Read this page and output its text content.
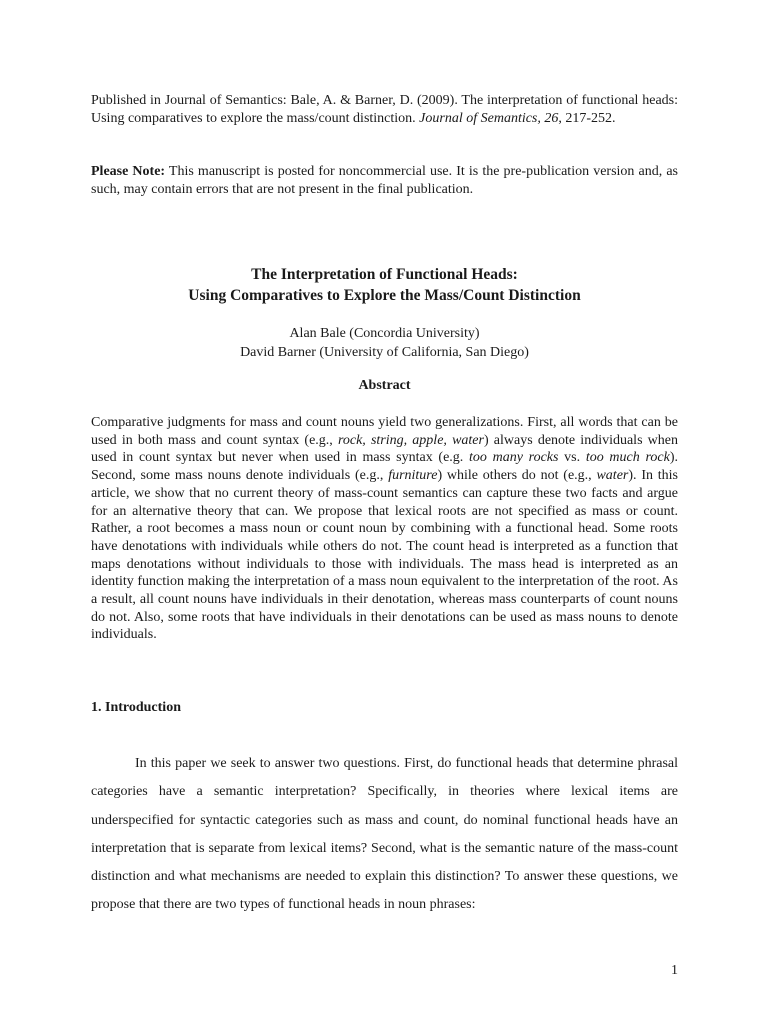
Published in Journal of Semantics: Bale, A. & Barner, D. (2009). The interpretation of functional heads: Using comparatives to explore the mass/count distinction. Journal of Semantics, 26, 217-252.

Please Note: This manuscript is posted for noncommercial use. It is the pre-publication version and, as such, may contain errors that are not present in the final publication.

The Interpretation of Functional Heads:
Using Comparatives to Explore the Mass/Count Distinction
Alan Bale (Concordia University)
David Barner (University of California, San Diego)
Abstract

Comparative judgments for mass and count nouns yield two generalizations. First, all words that can be used in both mass and count syntax (e.g., rock, string, apple, water) always denote individuals when used in count syntax but never when used in mass syntax (e.g. too many rocks vs. too much rock). Second, some mass nouns denote individuals (e.g., furniture) while others do not (e.g., water). In this article, we show that no current theory of mass-count semantics can capture these two facts and argue for an alternative theory that can. We propose that lexical roots are not specified as mass or count. Rather, a root becomes a mass noun or count noun by combining with a functional head. Some roots have denotations with individuals while others do not. The count head is interpreted as a function that maps denotations without individuals to those with individuals. The mass head is interpreted as an identity function making the interpretation of a mass noun equivalent to the interpretation of the root. As a result, all count nouns have individuals in their denotation, whereas mass counterparts of count nouns do not. Also, some roots that have individuals in their denotations can be used as mass nouns to denote individuals.

1. Introduction

In this paper we seek to answer two questions. First, do functional heads that determine phrasal categories have a semantic interpretation? Specifically, in theories where lexical items are underspecified for syntactic categories such as mass and count, do nominal functional heads have an interpretation that is separate from lexical items? Second, what is the semantic nature of the mass-count distinction and what mechanisms are needed to explain this distinction? To answer these questions, we propose that there are two types of functional heads in noun phrases:

1
